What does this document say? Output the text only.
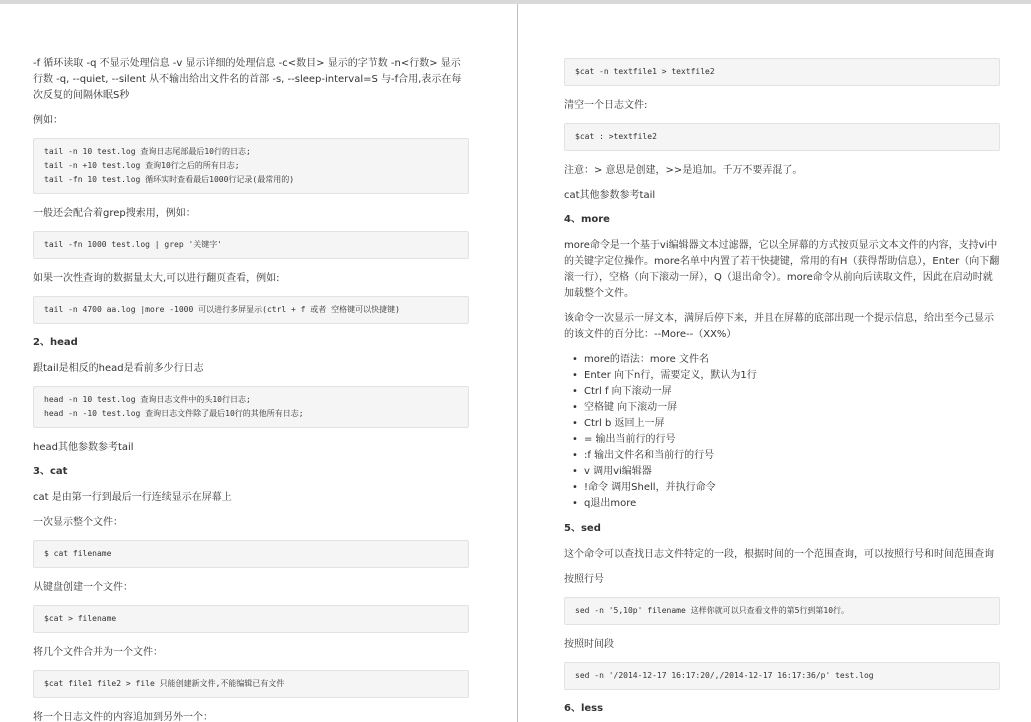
-f 循环读取 -q 不显示处理信息 -v 显示详细的处理信息 -c<数目> 显示的字节数 -n<行数> 显示行数 -q, --quiet, --silent 从不输出给出文件名的首部 -s, --sleep-interval=S 与-f合用,表示在每次反复的间隔休眠S秒

例如：

tail -n 10 test.log 查询日志尾部最后10行的日志;
tail -n +10 test.log 查询10行之后的所有日志;
tail -fn 10 test.log 循环实时查看最后1000行记录(最常用的)

一般还会配合着grep搜索用，例如：

tail -fn 1000 test.log | grep '关键字'

如果一次性查询的数据量太大,可以进行翻页查看，例如:

tail -n 4700 aa.log |more -1000 可以进行多屏显示(ctrl + f 或者 空格键可以快捷键)
2、head

跟tail是相反的head是看前多少行日志

head -n 10 test.log 查询日志文件中的头10行日志;
head -n -10 test.log 查询日志文件除了最后10行的其他所有日志;

head其他参数参考tail

3、cat

cat 是由第一行到最后一行连续显示在屏幕上

一次显示整个文件：

$ cat filename

从键盘创建一个文件：

$cat > filename

将几个文件合并为一个文件：

$cat file1 file2 > file 只能创建新文件,不能编辑已有文件

将一个日志文件的内容追加到另外一个：

$cat -n textfile1 > textfile2

清空一个日志文件:

$cat : >textfile2

注意：> 意思是创建，>>是追加。千万不要弄混了。

cat其他参数参考tail

4、more

more命令是一个基于vi编辑器文本过滤器，它以全屏幕的方式按页显示文本文件的内容，支持vi中的关键字定位操作。more名单中内置了若干快捷键，常用的有H（获得帮助信息），Enter（向下翻滚一行），空格（向下滚动一屏），Q（退出命令）。more命令从前向后读取文件，因此在启动时就加载整个文件。

该命令一次显示一屏文本，满屏后停下来，并且在屏幕的底部出现一个提示信息，给出至今己显示的该文件的百分比：--More--（XX%）

• more的语法：more 文件名
• Enter 向下n行，需要定义，默认为1行
• Ctrl f 向下滚动一屏
• 空格键 向下滚动一屏
• Ctrl b 返回上一屏
• = 输出当前行的行号
• :f 输出文件名和当前行的行号
• v 调用vi编辑器
• !命令 调用Shell，并执行命令
• q退出more
5、sed

这个命令可以查找日志文件特定的一段，根据时间的一个范围查询，可以按照行号和时间范围查询

按照行号

sed -n '5,10p' filename 这样你就可以只查看文件的第5行到第10行。

按照时间段

sed -n '/2014-12-17 16:17:20/,/2014-12-17 16:17:36/p' test.log
6、less
